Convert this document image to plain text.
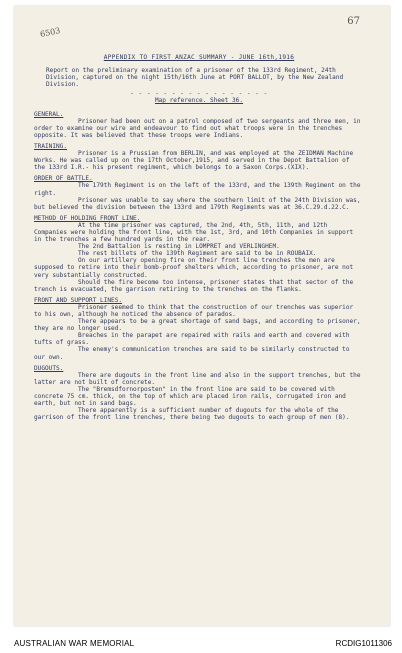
6503
67
APPENDIX TO FIRST ANZAC SUMMARY - JUNE 16th,1916
Report on the preliminary examination of a prisoner of the 133rd Regiment, 24th Division, captured on the night 15th/16th June at PORT BALLOT, by the New Zealand Division.
- - - - - - - - - - - - - - - - -
Map reference. Sheet 36.
GENERAL.

Prisoner had been out on a patrol composed of two sergeants and three men, in order to examine our wire and endeavour to find out what troops were in the trenches opposite. It was believed that these troops were Indians.

TRAINING.

Prisoner is a Prussian from BERLIN, and was employed at the ZEIDMAN Machine Works. He was called up on the 17th October,1915, and served in the Depot Battalion of the 133rd I.R.- his present regiment, which belongs to a Saxon Corps.(XIX).

ORDER OF BATTLE.

The 179th Regiment is on the left of the 133rd, and the 139th Regiment on the right.

Prisoner was unable to say where the southern limit of the 24th Division was, but believed the division between the 133rd and 179th Regiments was at 36.C.29.d.22.C.

METHOD OF HOLDING FRONT LINE.

At the time prisoner was captured, the 2nd, 4th, 5th, 11th, and 12th Companies were holding the front line, with the 1st, 3rd, and 10th Companies in support in the trenches a few hundred yards in the rear.

The 2nd Battalion is resting in LOMPRET and VERLINGHEM.

The rest billets of the 139th Regiment are said to be in ROUBAIX.

On our artillery opening fire on their front line trenches the men are supposed to retire into their bomb-proof shelters which, according to prisoner, are not very substantially constructed.

Should the fire become too intense, prisoner states that that sector of the trench is evacuated, the garrison retiring to the trenches on the flanks.

FRONT AND SUPPORT LINES.

Prisoner seemed to think that the construction of our trenches was superior to his own, although he noticed the absence of parados.

There appears to be a great shortage of sand bags, and according to prisoner, they are no longer used.

Breaches in the parapet are repaired with rails and earth and covered with tufts of grass.

The enemy's communication trenches are said to be similarly constructed to our own.

DUGOUTS.

There are dugouts in the front line and also in the support trenches, but the latter are not built of concrete.

The "Bremsdfornorposten" in the front line are said to be covered with concrete 75 cm. thick, on the top of which are placed iron rails, corrugated iron and earth, but not in sand bags.

There apparently is a sufficient number of dugouts for the whole of the garrison of the front line trenches, there being two dugouts to each group of men (8).

AUSTRALIAN WAR MEMORIAL	RCDIG1011306
